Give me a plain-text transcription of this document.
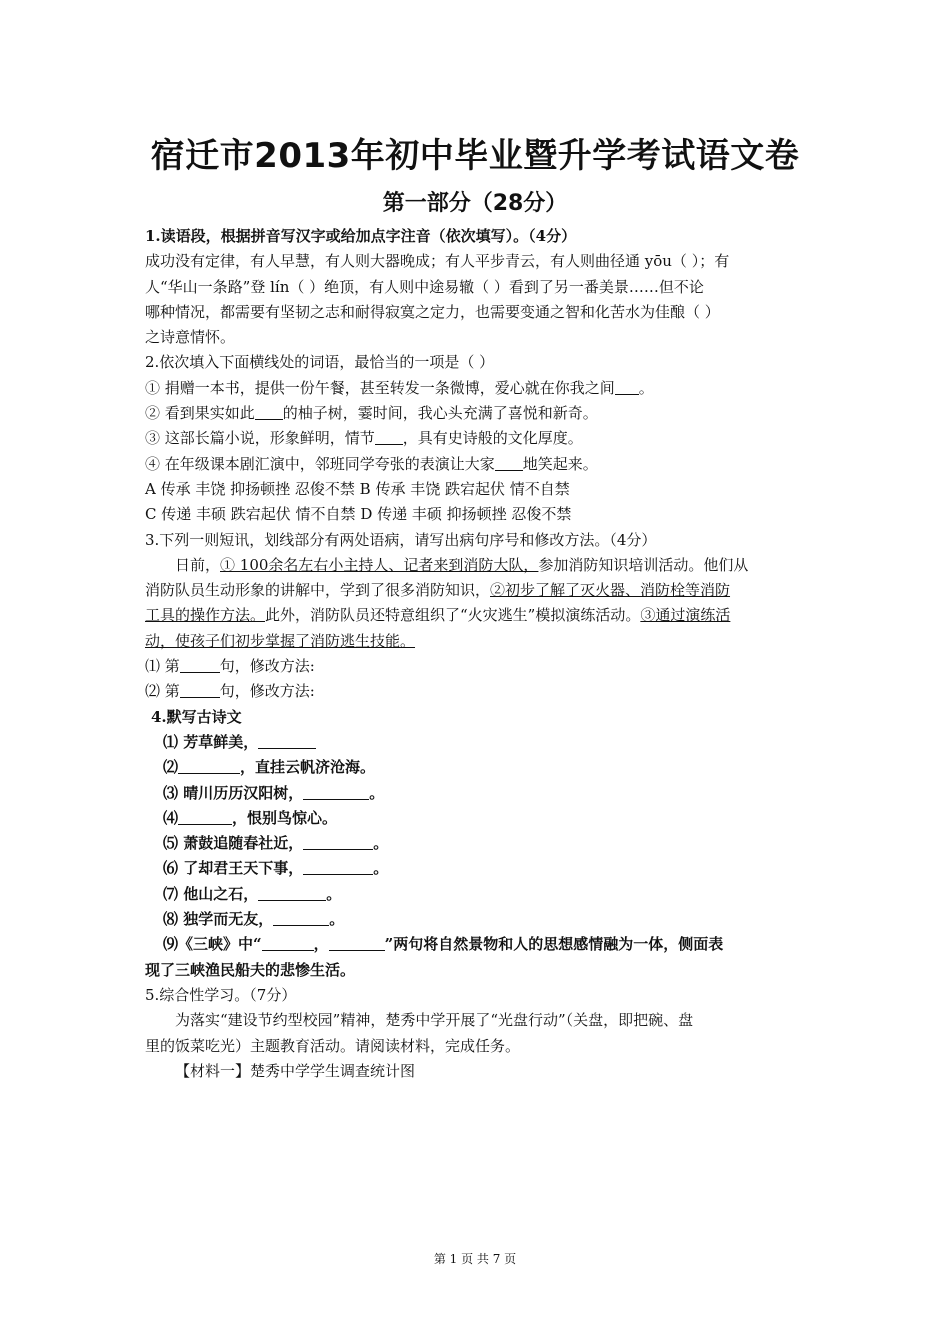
宿迁市2013年初中毕业暨升学考试语文卷
第一部分（28分）
1.读语段，根据拼音写汉字或给加点字注音（依次填写）。（4分）
成功没有定律，有人早慧，有人则大器晚成；有人平步青云，有人则曲径通 yōu（ ）；有
人“华山一条路”登 lín（ ）绝顶，有人则中途易辙（ ）看到了另一番美景……但不论
哪种情况，都需要有坚韧之志和耐得寂寞之定力，也需要变通之智和化苦水为佳酿（ ）
之诗意情怀。
2.依次填入下面横线处的词语，最恰当的一项是（ ）
① 捐赠一本书，提供一份午餐，甚至转发一条微博，爱心就在你我之间 。
② 看到果实如此 的柚子树，霎时间，我心头充满了喜悦和新奇。
③ 这部长篇小说，形象鲜明，情节 ，具有史诗般的文化厚度。
④ 在年级课本剧汇演中，邻班同学夸张的表演让大家 地笑起来。
A 传承 丰饶 抑扬顿挫 忍俊不禁 B 传承 丰饶 跌宕起伏 情不自禁
C 传递 丰硕 跌宕起伏 情不自禁 D 传递 丰硕 抑扬顿挫 忍俊不禁
3.下列一则短讯，划线部分有两处语病，请写出病句序号和修改方法。（4分）
日前，① 100余名左右小主持人、记者来到消防大队，参加消防知识培训活动。他们从
消防队员生动形象的讲解中，学到了很多消防知识，②初步了解了灭火器、消防栓等消防
工具的操作方法。此外，消防队员还特意组织了“火灾逃生”模拟演练活动。③通过演练活
动，使孩子们初步掌握了消防逃生技能。
⑴ 第	句，修改方法:
⑵ 第	句，修改方法:
4.默写古诗文
⑴ 芳草鲜美，
⑵	，直挂云帆济沧海。
⑶ 晴川历历汉阳树，	。
⑷	，恨别鸟惊心。
⑸ 萧鼓追随春社近，	。
⑹ 了却君王天下事，	。
⑺ 他山之石，	。
⑻ 独学而无友，	。
⑼《三峡》中“	，	”两句将自然景物和人的思想感情融为一体，侧面表
现了三峡渔民船夫的悲惨生活。
5.综合性学习。（7分）
为落实“建设节约型校园”精神，楚秀中学开展了“光盘行动”（关盘，即把碗、盘
里的饭菜吃光）主题教育活动。请阅读材料，完成任务。
【材料一】楚秀中学学生调查统计图
第 1 页 共 7 页
